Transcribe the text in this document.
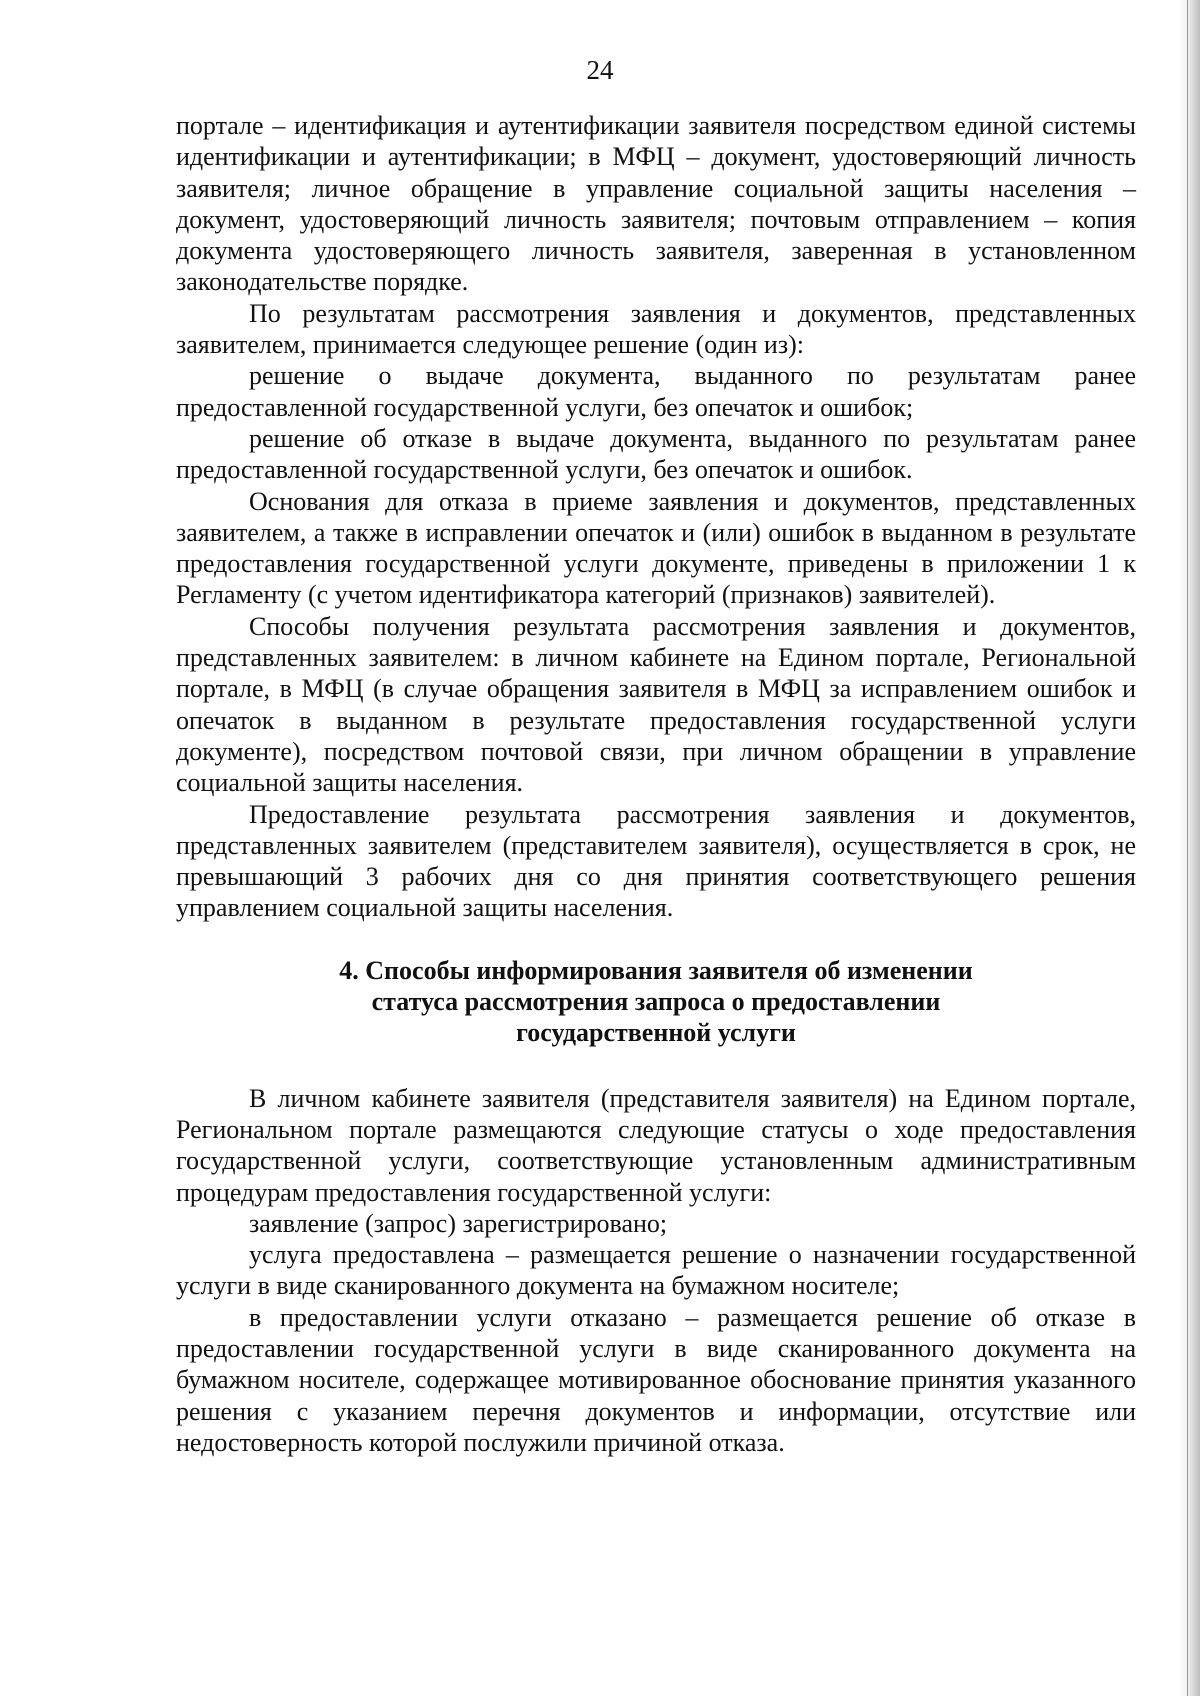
24

порталe – идентификация и аутентификации заявителя посредством единой системы идентификации и аутентификации; в МФЦ – документ, удостоверяющий личность заявителя; личное обращение в управление социальной защиты населения – документ, удостоверяющий личность заявителя; почтовым отправлением – копия документа удостоверяющего личность заявителя, заверенная в установленном законодательстве порядке.

По результатам рассмотрения заявления и документов, представленных заявителем, принимается следующее решение (один из):

решение о выдаче документа, выданного по результатам ранее предоставленной государственной услуги, без опечаток и ошибок;

решение об отказе в выдаче документа, выданного по результатам ранее предоставленной государственной услуги, без опечаток и ошибок.

Основания для отказа в приеме заявления и документов, представленных заявителем, а также в исправлении опечаток и (или) ошибок в выданном в результате предоставления государственной услуги документе, приведены в приложении 1 к Регламенту (с учетом идентификатора категорий (признаков) заявителей).

Способы получения результата рассмотрения заявления и документов, представленных заявителем: в личном кабинете на Едином портале, Региональной портале, в МФЦ (в случае обращения заявителя в МФЦ за исправлением ошибок и опечаток в выданном в результате предоставления государственной услуги документе), посредством почтовой связи, при личном обращении в управление социальной защиты населения.

Предоставление результата рассмотрения заявления и документов, представленных заявителем (представителем заявителя), осуществляется в срок, не превышающий 3 рабочих дня со дня принятия соответствующего решения управлением социальной защиты населения.

4. Способы информирования заявителя об изменении
статуса рассмотрения запроса о предоставлении
государственной услуги

В личном кабинете заявителя (представителя заявителя) на Едином портале, Региональном портале размещаются следующие статусы о ходе предоставления государственной услуги, соответствующие установленным административным процедурам предоставления государственной услуги:

заявление (запрос) зарегистрировано;

услуга предоставлена – размещается решение о назначении государственной услуги в виде сканированного документа на бумажном носителе;

в предоставлении услуги отказано – размещается решение об отказе в предоставлении государственной услуги в виде сканированного документа на бумажном носителе, содержащее мотивированное обоснование принятия указанного решения с указанием перечня документов и информации, отсутствие или недостоверность которой послужили причиной отказа.
